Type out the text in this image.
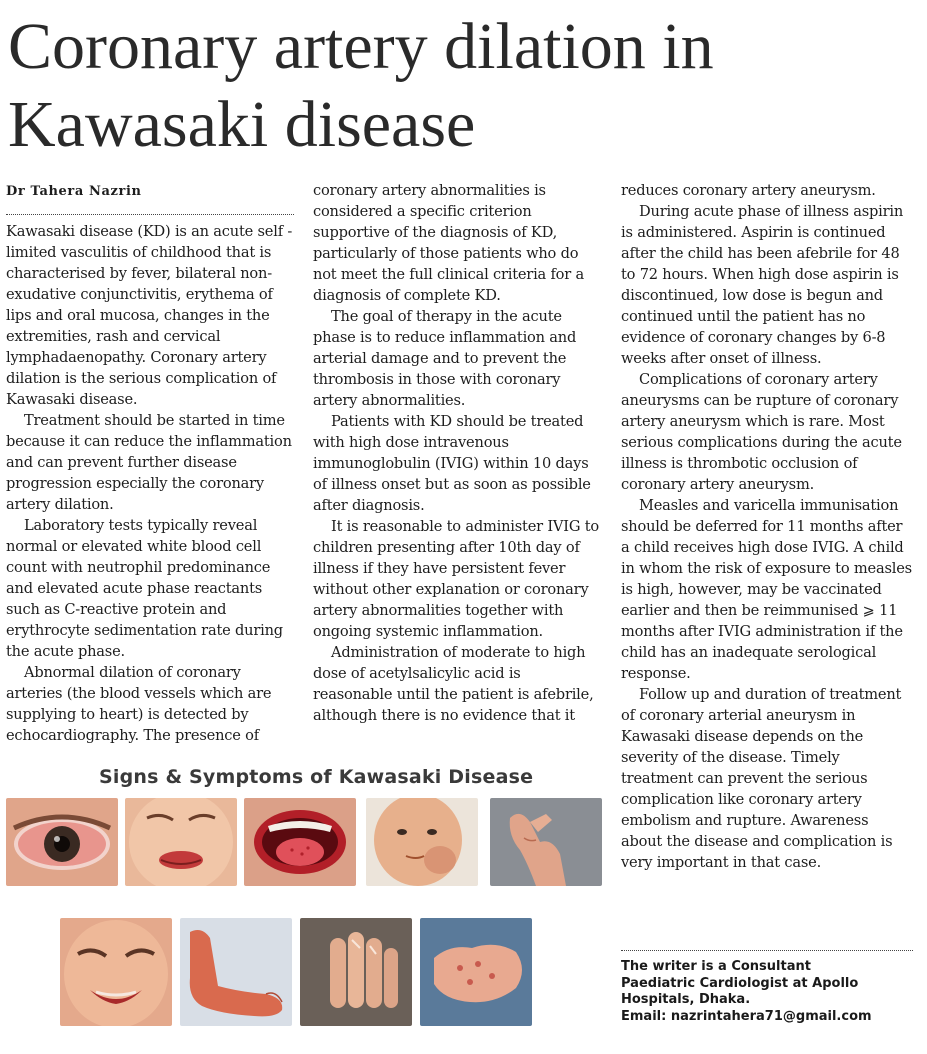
Coronary artery dilation in Kawasaki disease
Dr Tahera Nazrin

Kawasaki disease (KD) is an acute self -limited vasculitis of childhood that is characterised by fever, bilateral non-exudative conjunctivitis, erythema of lips and oral mucosa, changes in the extremities, rash and cervical lymphadaenopathy. Coronary artery dilation is the serious complication of Kawasaki disease.

Treatment should be started in time because it can reduce the inflammation and can prevent further disease progression especially the coronary artery dilation.

Laboratory tests typically reveal normal or elevated white blood cell count with neutrophil predominance and elevated acute phase reactants such as C-reactive protein and erythrocyte sedimentation rate during the acute phase.

Abnormal dilation of coronary arteries (the blood vessels which are supplying to heart) is detected by echocardiography. The presence of

coronary artery abnormalities is considered a specific criterion supportive of the diagnosis of KD, particularly of those patients who do not meet the full clinical criteria for a diagnosis of complete KD.

The goal of therapy in the acute phase is to reduce inflammation and arterial damage and to prevent the thrombosis in those with coronary artery abnormalities.

Patients with KD should be treated with high dose intravenous immunoglobulin (IVIG) within 10 days of illness onset but as soon as possible after diagnosis.

It is reasonable to administer IVIG to children presenting after 10th day of illness if they have persistent fever without other explanation or coronary artery abnormalities together with ongoing systemic inflammation.

Administration of moderate to high dose of acetylsalicylic acid is reasonable until the patient is afebrile, although there is no evidence that it

reduces coronary artery aneurysm.

During acute phase of illness aspirin is administered. Aspirin is continued after the child has been afebrile for 48 to 72 hours. When high dose aspirin is discontinued, low dose is begun and continued until the patient has no evidence of coronary changes by 6-8 weeks after onset of illness.

Complications of coronary artery aneurysms can be rupture of coronary artery aneurysm which is rare. Most serious complications during the acute illness is thrombotic occlusion of coronary artery aneurysm.

Measles and varicella immunisation should be deferred for 11 months after a child receives high dose IVIG. A child in whom the risk of exposure to measles is high, however, may be vaccinated earlier and then be reimmunised ⩾ 11 months after IVIG administration if the child has an inadequate serological response.

Follow up and duration of treatment of coronary arterial aneurysm in Kawasaki disease depends on the severity of the disease. Timely treatment can prevent the serious complication like coronary artery embolism and rupture. Awareness about the disease and complication is very important in that case.

Signs & Symptoms of Kawasaki Disease
The writer is a Consultant
Paediatric Cardiologist at Apollo
Hospitals, Dhaka.
Email: nazrintahera71@gmail.com
